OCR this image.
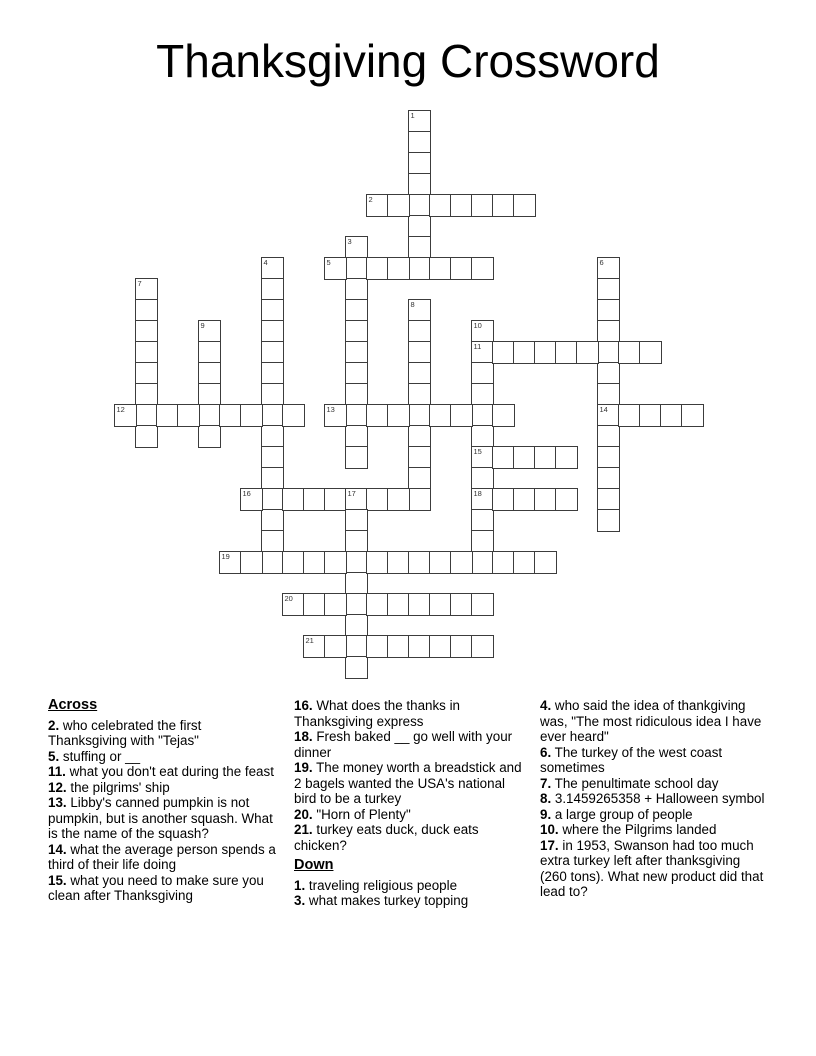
Thanksgiving Crossword
1
2
3
4	5	6
14
7
8
9	10
11
15
18
12	13
16	17
19
20
21
Across
2. who celebrated the first Thanksgiving with "Tejas"
5. stuffing or __
11. what you don't eat during the feast
12. the pilgrims' ship
13. Libby's canned pumpkin is not pumpkin, but is another squash. What is the name of the squash?
14. what the average person spends a third of their life doing
15. what you need to make sure you clean after Thanksgiving
16. What does the thanks in Thanksgiving express
18. Fresh baked __ go well with your dinner
19. The money worth a breadstick and 2 bagels wanted the USA's national bird to be a turkey
20. "Horn of Plenty"
21. turkey eats duck, duck eats chicken?
Down
1. traveling religious people
3. what makes turkey topping
4. who said the idea of thankgiving was, "The most ridiculous idea I have ever heard"
6. The turkey of the west coast sometimes
7. The penultimate school day
8. 3.1459265358 + Halloween symbol
9. a large group of people
10. where the Pilgrims landed
17. in 1953, Swanson had too much extra turkey left after thanksgiving (260 tons). What new product did that lead to?
